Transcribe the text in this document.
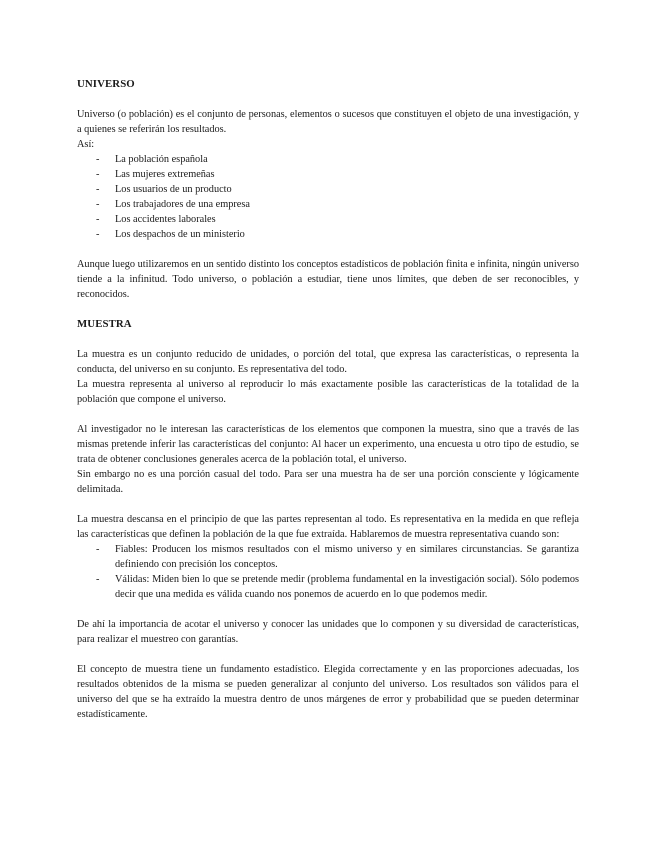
UNIVERSO

Universo (o población) es el conjunto de personas, elementos o sucesos que constituyen el objeto de una investigación, y a quienes se referirán los resultados.

Así:

- La población española
- Las mujeres extremeñas
- Los usuarios de un producto
- Los trabajadores de una empresa
- Los accidentes laborales
- Los despachos de un ministerio

Aunque luego utilizaremos en un sentido distinto los conceptos estadísticos de población finita e infinita, ningún universo tiende a la infinitud. Todo universo, o población a estudiar, tiene unos límites, que deben de ser reconocibles, y reconocidos.

MUESTRA

La muestra es un conjunto reducido de unidades, o porción del total, que expresa las características, o representa la conducta, del universo en su conjunto. Es representativa del todo.

La muestra representa al universo al reproducir lo más exactamente posible las características de la totalidad de la población que compone el universo.

Al investigador no le interesan las características de los elementos que componen la muestra, sino que a través de las mismas pretende inferir las características del conjunto: Al hacer un experimento, una encuesta u otro tipo de estudio, se trata de obtener conclusiones generales acerca de la población total, el universo.

Sin embargo no es una porción casual del todo. Para ser una muestra ha de ser una porción consciente y lógicamente delimitada.

La muestra descansa en el principio de que las partes representan al todo. Es representativa en la medida en que refleja las características que definen la población de la que fue extraída. Hablaremos de muestra representativa cuando son:

- Fiables: Producen los mismos resultados con el mismo universo y en similares circunstancias. Se garantiza definiendo con precisión los conceptos.
- Válidas: Miden bien lo que se pretende medir (problema fundamental en la investigación social). Sólo podemos decir que una medida es válida cuando nos ponemos de acuerdo en lo que podemos medir.

De ahí la importancia de acotar el universo y conocer las unidades que lo componen y su diversidad de características, para realizar el muestreo con garantías.

El concepto de muestra tiene un fundamento estadístico. Elegida correctamente y en las proporciones adecuadas, los resultados obtenidos de la misma se pueden generalizar al conjunto del universo. Los resultados son válidos para el universo del que se ha extraído la muestra dentro de unos márgenes de error y probabilidad que se pueden determinar estadísticamente.
